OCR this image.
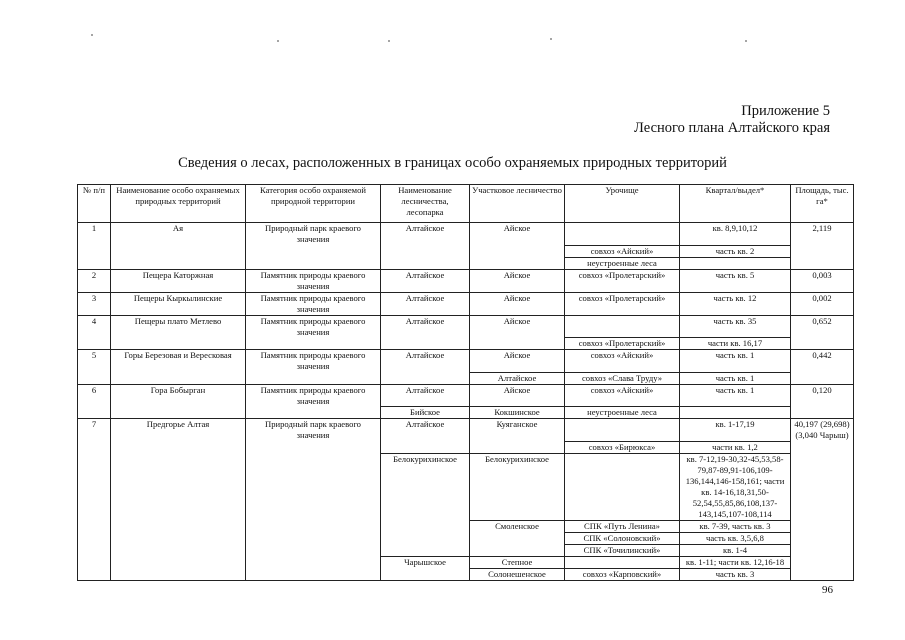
Приложение 5
Лесного плана Алтайского края
Сведения о лесах, расположенных в границах особо охраняемых природных территорий
№ п/п	Наименование особо охраняемых природных территорий	Категория особо охраняемой природной территории	Наименование лесничества, лесопарка	Участковое лесничество	Урочище	Квартал/выдел*	Площадь, тыс. га*
1	Ая	Природный парк краевого значения	Алтайское	Айское		кв. 8,9,10,12	2,119
					совхоз «Айский»	часть кв. 2	
					неустроенные леса		
2	Пещера Каторжная	Памятник природы краевого значения	Алтайское	Айское	совхоз «Пролетарский»	часть кв. 5	0,003
3	Пещеры Кыркылинские	Памятник природы краевого значения	Алтайское	Айское	совхоз «Пролетарский»	часть кв. 12	0,002
4	Пещеры плато Метлево	Памятник природы краевого значения	Алтайское	Айское		часть кв. 35	0,652
					совхоз «Пролетарский»	части кв. 16,17	
5	Горы Березовая и Вересковая	Памятник природы краевого значения	Алтайское	Айское	совхоз «Айский»	часть кв. 1	0,442
				Алтайское	совхоз «Слава Труду»	часть кв. 1	
6	Гора Бобырган	Памятник природы краевого значения	Алтайское	Айское	совхоз «Айский»	часть кв. 1	0,120
			Бийское	Кокшинское	неустроенные леса		
7	Предгорье Алтая	Природный парк краевого значения	Алтайское	Куяганское		кв. 1-17,19	40,197 (29,698) (3,040 Чарыш)
					совхоз «Бирюкса»	части кв. 1,2	
			Белокурихинское	Белокурихинское		кв. 7-12,19-30,32-45,53,58-79,87-89,91-106,109-136,144,146-158,161; части кв. 14-16,18,31,50-52,54,55,85,86,108,137-143,145,107-108,114	
				Смоленское	СПК «Путь Ленина»	кв. 7-39, часть кв. 3	
					СПК «Солоновский»	часть кв. 3,5,6,8	
					СПК «Точилинский»	кв. 1-4	
			Чарышское	Степное		кв. 1-11; части кв. 12,16-18	
				Солонешенское	совхоз «Карповский»	часть кв. 3	
96
